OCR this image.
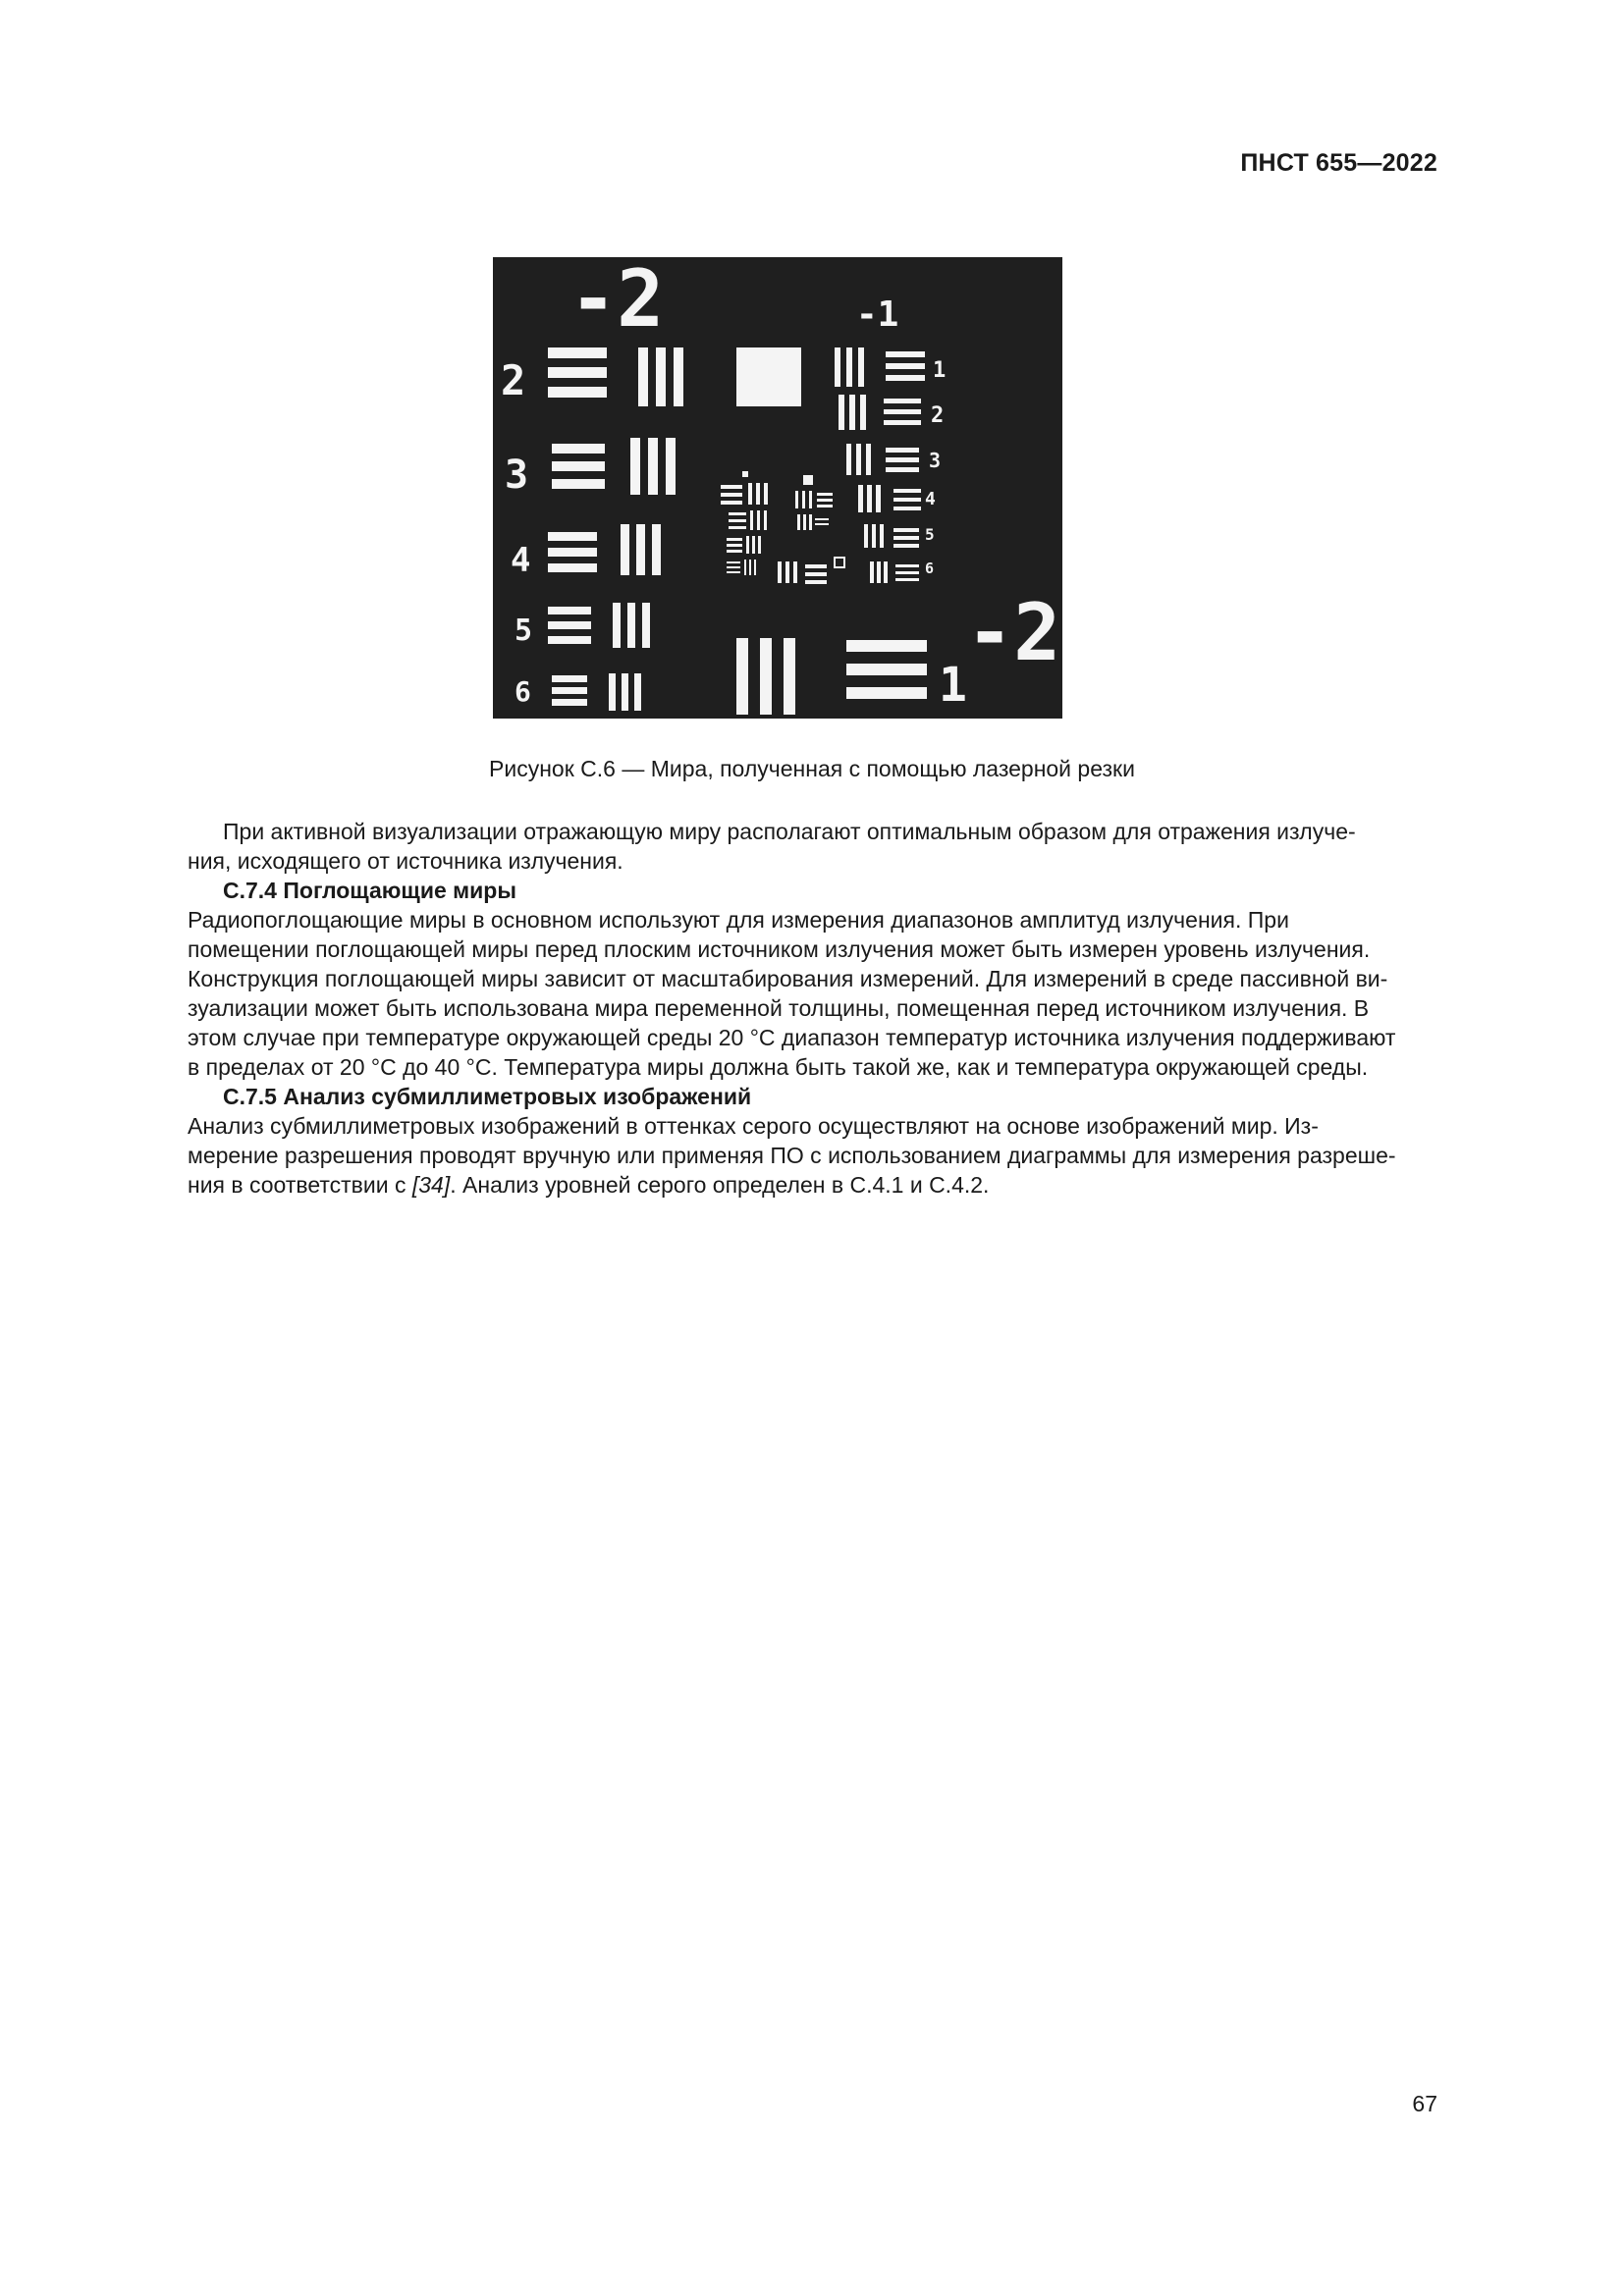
ПНСТ 655—2022
-2	-1
-2
2
3
4
5
6	1
1
2
3
4
5
6
Рисунок С.6 — Мира, полученная с помощью лазерной резки

При активной визуализации отражающую миру располагают оптимальным образом для отражения излуче-
ния, исходящего от источника излучения.

С.7.4 Поглощающие миры

Радиопоглощающие миры в основном используют для измерения диапазонов амплитуд излучения. При
помещении поглощающей миры перед плоским источником излучения может быть измерен уровень излучения.
Конструкция поглощающей миры зависит от масштабирования измерений. Для измерений в среде пассивной ви-
зуализации может быть использована мира переменной толщины, помещенная перед источником излучения. В
этом случае при температуре окружающей среды 20 °С диапазон температур источника излучения поддерживают
в пределах от 20 °С до 40 °С. Температура миры должна быть такой же, как и температура окружающей среды.

С.7.5 Анализ субмиллиметровых изображений

Анализ субмиллиметровых изображений в оттенках серого осуществляют на основе изображений мир. Из-
мерение разрешения проводят вручную или применяя ПО с использованием диаграммы для измерения разреше-
ния в соответствии с [34]. Анализ уровней серого определен в С.4.1 и С.4.2.

67
